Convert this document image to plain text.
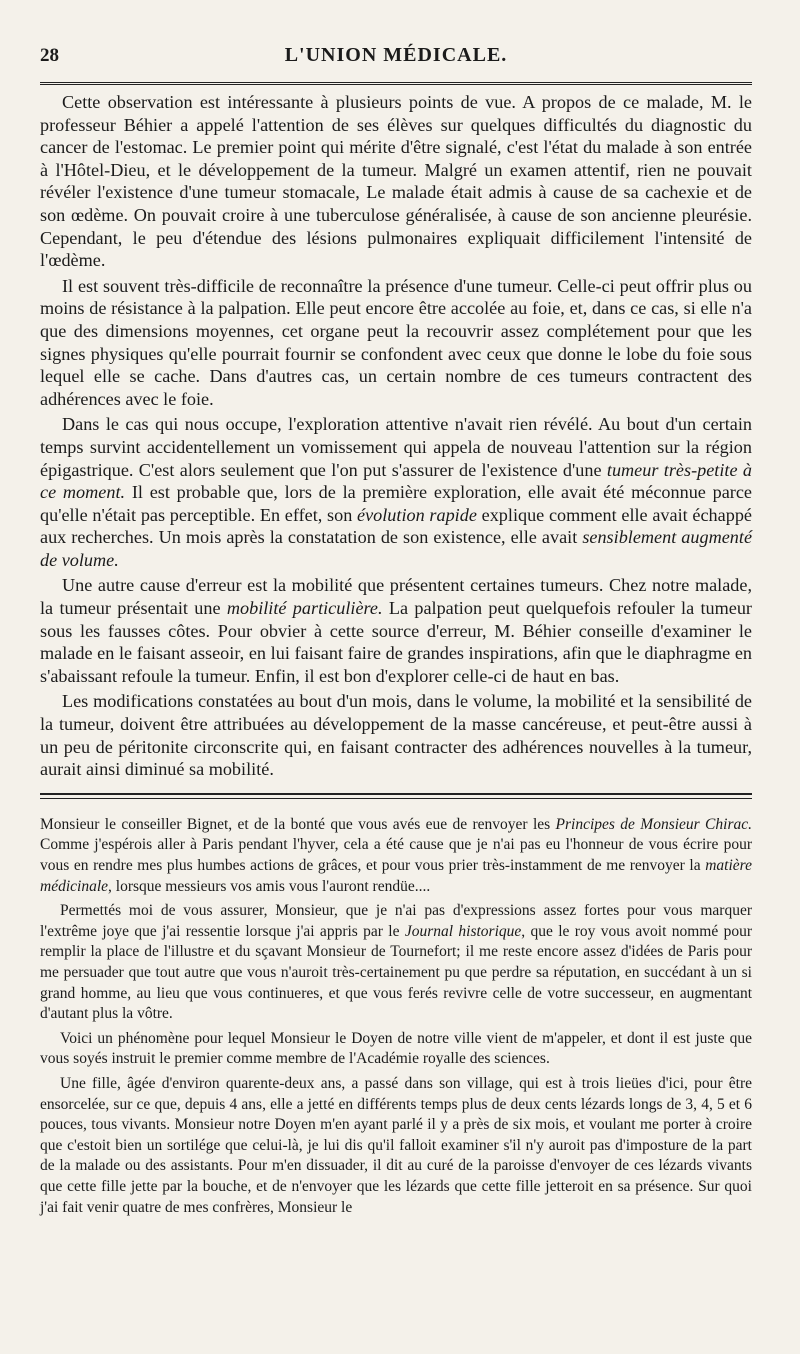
28	L'UNION MÉDICALE.

Cette observation est intéressante à plusieurs points de vue. A propos de ce malade, M. le professeur Béhier a appelé l'attention de ses élèves sur quelques difficultés du diagnostic du cancer de l'estomac. Le premier point qui mérite d'être signalé, c'est l'état du malade à son entrée à l'Hôtel-Dieu, et le développement de la tumeur. Malgré un examen attentif, rien ne pouvait révéler l'existence d'une tumeur stomacale, Le malade était admis à cause de sa cachexie et de son œdème. On pouvait croire à une tuberculose généralisée, à cause de son ancienne pleurésie. Cependant, le peu d'étendue des lésions pulmonaires expliquait difficilement l'intensité de l'œdème.

Il est souvent très-difficile de reconnaître la présence d'une tumeur. Celle-ci peut offrir plus ou moins de résistance à la palpation. Elle peut encore être accolée au foie, et, dans ce cas, si elle n'a que des dimensions moyennes, cet organe peut la recouvrir assez complétement pour que les signes physiques qu'elle pourrait fournir se confondent avec ceux que donne le lobe du foie sous lequel elle se cache. Dans d'autres cas, un certain nombre de ces tumeurs contractent des adhérences avec le foie.

Dans le cas qui nous occupe, l'exploration attentive n'avait rien révélé. Au bout d'un certain temps survint accidentellement un vomissement qui appela de nouveau l'attention sur la région épigastrique. C'est alors seulement que l'on put s'assurer de l'existence d'une tumeur très-petite à ce moment. Il est probable que, lors de la première exploration, elle avait été méconnue parce qu'elle n'était pas perceptible. En effet, son évolution rapide explique comment elle avait échappé aux recherches. Un mois après la constatation de son existence, elle avait sensiblement augmenté de volume.

Une autre cause d'erreur est la mobilité que présentent certaines tumeurs. Chez notre malade, la tumeur présentait une mobilité particulière. La palpation peut quelquefois refouler la tumeur sous les fausses côtes. Pour obvier à cette source d'erreur, M. Béhier conseille d'examiner le malade en le faisant asseoir, en lui faisant faire de grandes inspirations, afin que le diaphragme en s'abaissant refoule la tumeur. Enfin, il est bon d'explorer celle-ci de haut en bas.

Les modifications constatées au bout d'un mois, dans le volume, la mobilité et la sensibilité de la tumeur, doivent être attribuées au développement de la masse cancéreuse, et peut-être aussi à un peu de péritonite circonscrite qui, en faisant contracter des adhérences nouvelles à la tumeur, aurait ainsi diminué sa mobilité.

Monsieur le conseiller Bignet, et de la bonté que vous avés eue de renvoyer les Principes de Monsieur Chirac. Comme j'espérois aller à Paris pendant l'hyver, cela a été cause que je n'ai pas eu l'honneur de vous écrire pour vous en rendre mes plus humbes actions de grâces, et pour vous prier très-instamment de me renvoyer la matière médicinale, lorsque messieurs vos amis vous l'auront rendüe....

Permettés moi de vous assurer, Monsieur, que je n'ai pas d'expressions assez fortes pour vous marquer l'extrême joye que j'ai ressentie lorsque j'ai appris par le Journal historique, que le roy vous avoit nommé pour remplir la place de l'illustre et du sçavant Monsieur de Tournefort; il me reste encore assez d'idées de Paris pour me persuader que tout autre que vous n'auroit très-certainement pu que perdre sa réputation, en succédant à un si grand homme, au lieu que vous continueres, et que vous ferés revivre celle de votre successeur, en augmentant d'autant plus la vôtre.

Voici un phénomène pour lequel Monsieur le Doyen de notre ville vient de m'appeler, et dont il est juste que vous soyés instruit le premier comme membre de l'Académie royalle des sciences.

Une fille, âgée d'environ quarente-deux ans, a passé dans son village, qui est à trois lieües d'ici, pour être ensorcelée, sur ce que, depuis 4 ans, elle a jetté en différents temps plus de deux cents lézards longs de 3, 4, 5 et 6 pouces, tous vivants. Monsieur notre Doyen m'en ayant parlé il y a près de six mois, et voulant me porter à croire que c'estoit bien un sortilége que celui-là, je lui dis qu'il falloit examiner s'il n'y auroit pas d'imposture de la part de la malade ou des assistants. Pour m'en dissuader, il dit au curé de la paroisse d'envoyer de ces lézards vivants que cette fille jette par la bouche, et de n'envoyer que les lézards que cette fille jetteroit en sa présence. Sur quoi j'ai fait venir quatre de mes confrères, Monsieur le
